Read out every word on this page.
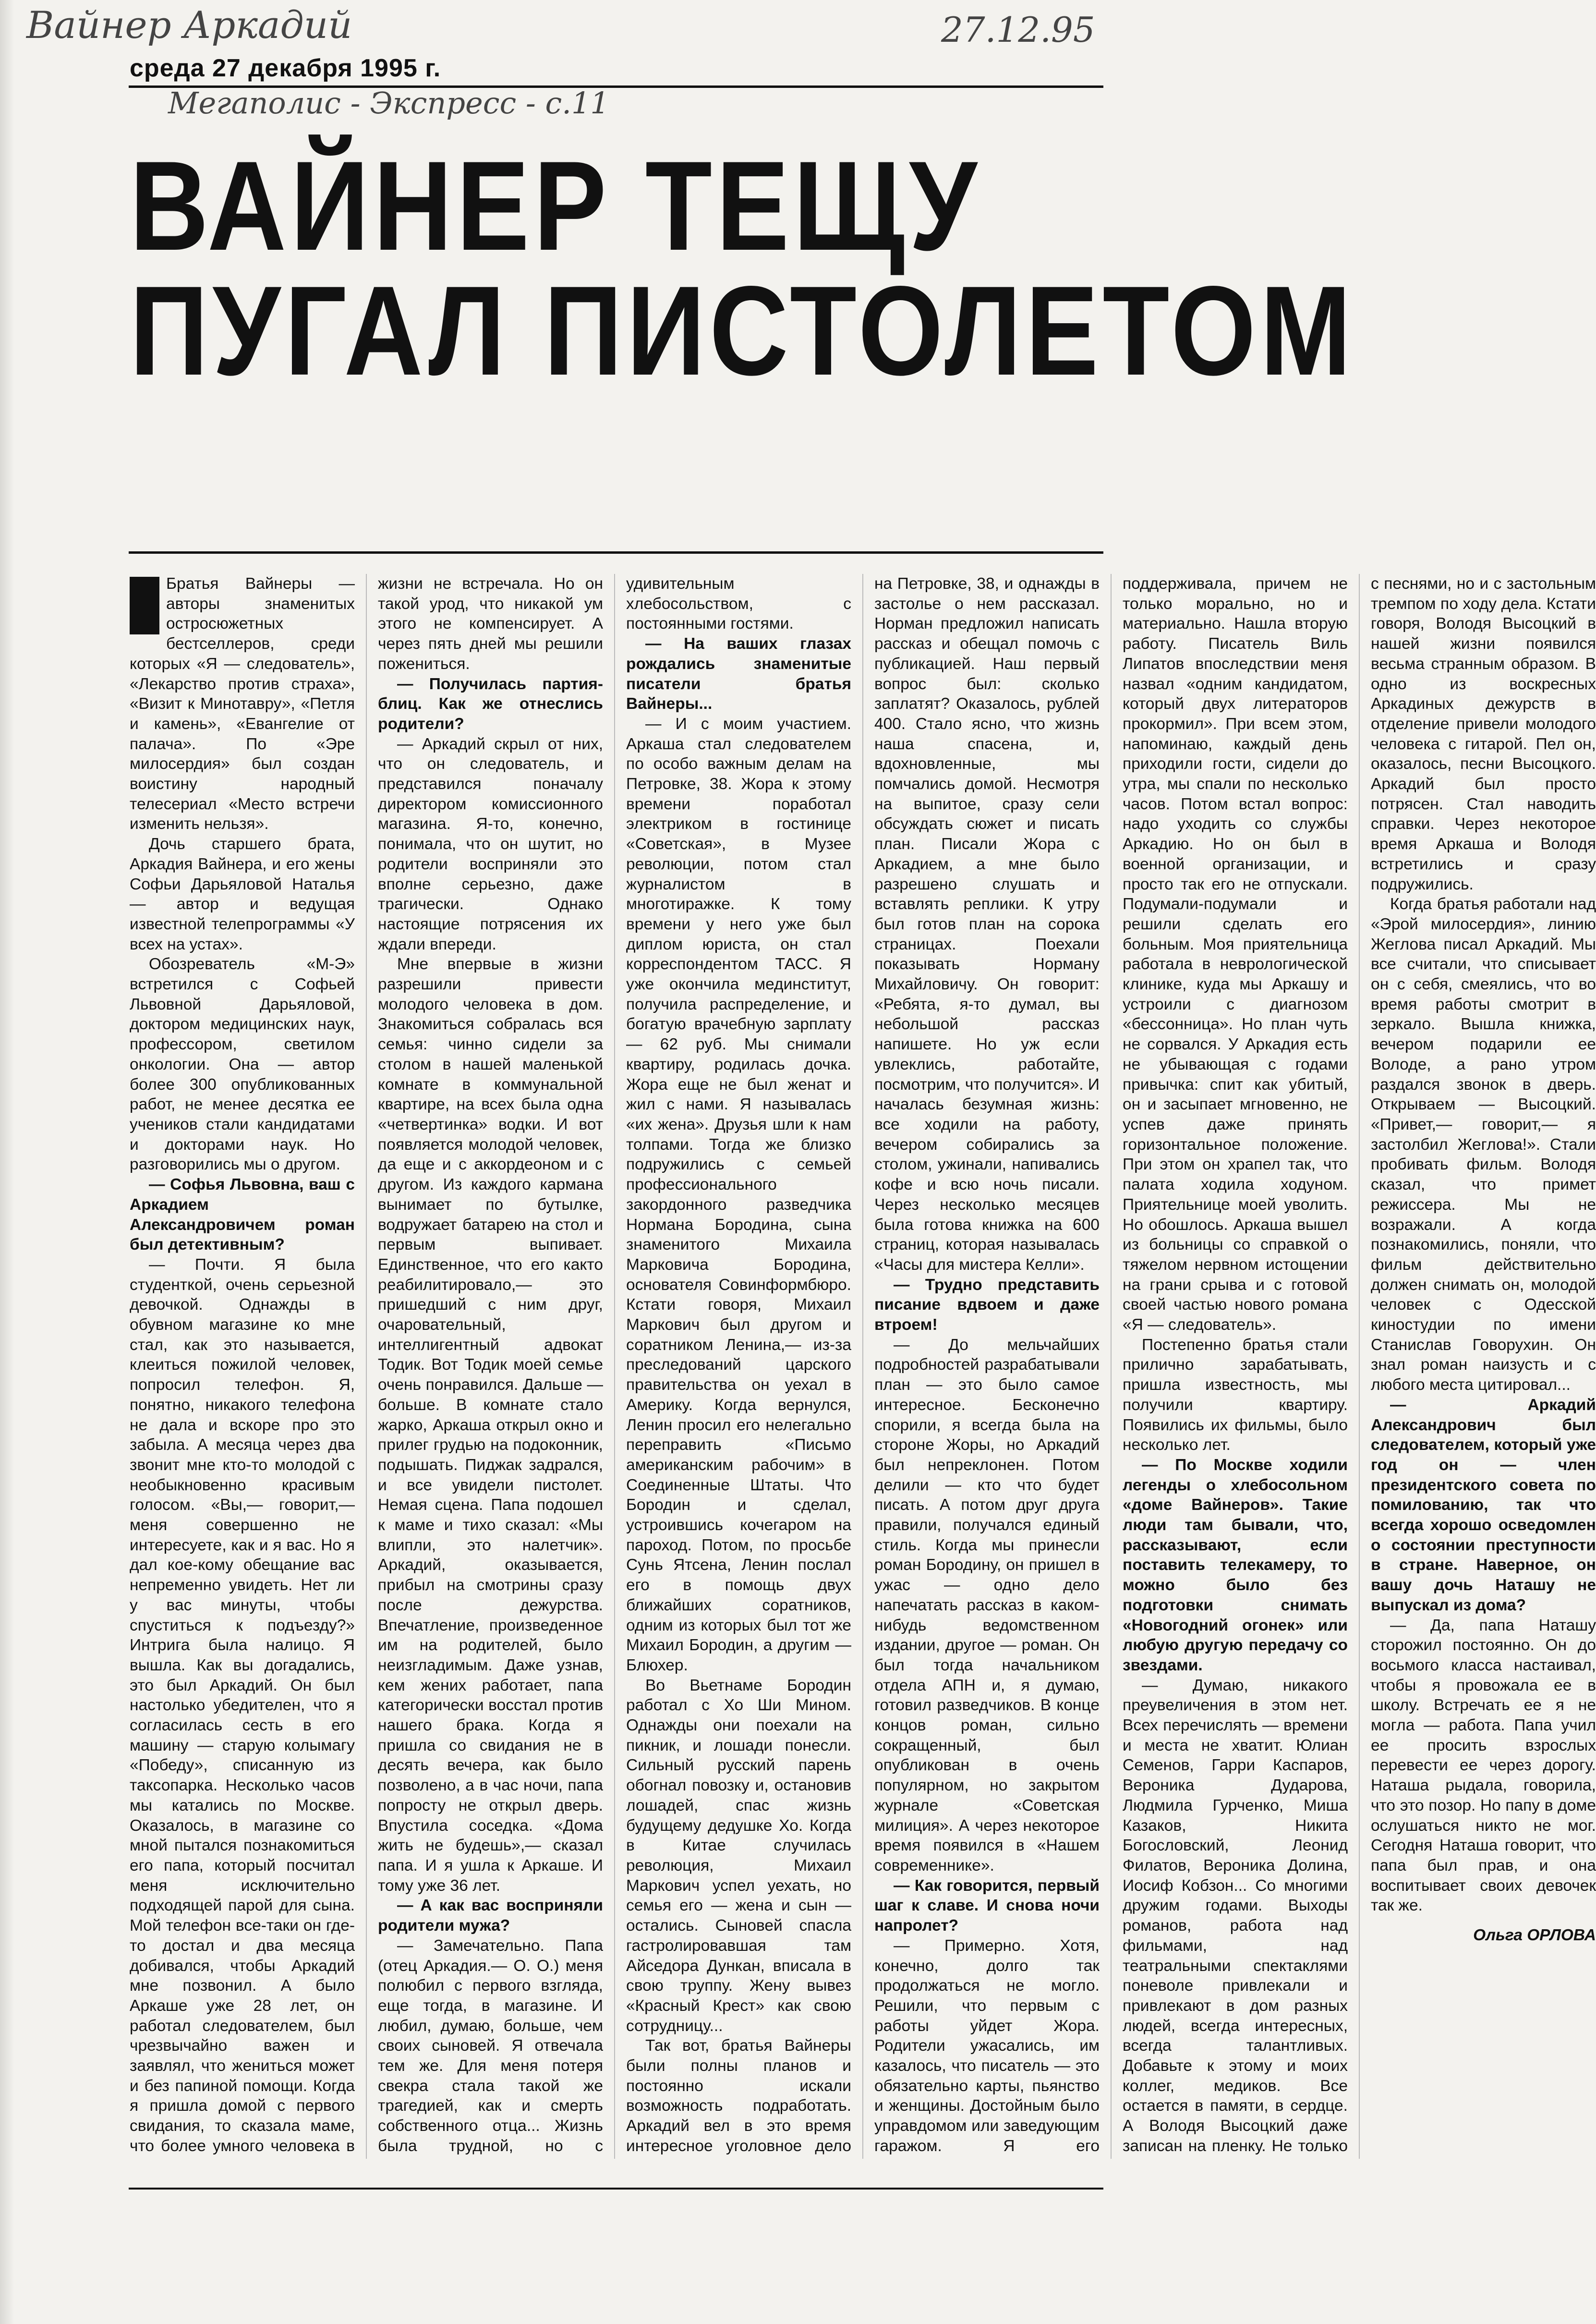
Вайнер Аркадий	27.12.95
среда 27 декабря 1995 г.
Мегаполис - Экспресс - с.11
ВАЙНЕР ТЕЩУ
ПУГАЛ ПИСТОЛЕТОМ

Братья Вайнеры — авторы знаменитых остросюжетных бестселлеров, среди которых «Я — следователь», «Лекарство против страха», «Визит к Минотавру», «Петля и камень», «Евангелие от палача». По «Эре милосердия» был создан воистину народный телесериал «Место встречи изменить нельзя».

Дочь старшего брата, Аркадия Вайнера, и его жены Софьи Дарьяловой Наталья — автор и ведущая известной телепрограммы «У всех на устах».

Обозреватель «М-Э» встретился с Софьей Львовной Дарьяловой, доктором медицинских наук, профессором, светилом онкологии. Она — автор более 300 опубликованных работ, не менее десятка ее учеников стали кандидатами и докторами наук. Но разговорились мы о другом.

— Софья Львовна, ваш с Аркадием Александровичем роман был детективным?

— Почти. Я была студенткой, очень серьезной девочкой. Однажды в обувном магазине ко мне стал, как это называется, клеиться пожилой человек, попросил телефон. Я, понятно, никакого телефона не дала и вскоре про это забыла. А месяца через два звонит мне кто-то молодой с необыкновенно красивым голосом. «Вы,— говорит,— меня совершенно не интересуете, как и я вас. Но я дал кое-кому обещание вас непременно увидеть. Нет ли у вас минуты, чтобы спуститься к подъезду?» Интрига была налицо. Я вышла. Как вы догадались, это был Аркадий. Он был настолько убедителен, что я согласилась сесть в его машину — старую колымагу «Победу», списанную из таксопарка. Несколько часов мы катались по Москве. Оказалось, в магазине со мной пытался познакомиться его папа, который посчитал меня исключительно подходящей парой для сына. Мой телефон все-таки он где-то достал и два месяца добивался, чтобы Аркадий мне позвонил. А было Аркаше уже 28 лет, он работал следователем, был чрезвычайно важен и заявлял, что жениться может и без папиной помощи. Когда я пришла домой с первого свидания, то сказала маме, что более умного человека в жизни не встречала. Но он такой урод, что никакой ум этого не компенсирует. А через пять дней мы решили пожениться.

— Получилась партия-блиц. Как же отнеслись родители?

— Аркадий скрыл от них, что он следователь, и представился поначалу директором комиссионного магазина. Я-то, конечно, понимала, что он шутит, но родители восприняли это вполне серьезно, даже трагически. Однако настоящие потрясения их ждали впереди.

Мне впервые в жизни разрешили привести молодого человека в дом. Знакомиться собралась вся семья: чинно сидели за столом в нашей маленькой комнате в коммунальной квартире, на всех была одна «четвертинка» водки. И вот появляется молодой человек, да еще и с аккордеоном и с другом. Из каждого кармана вынимает по бутылке, водружает батарею на стол и первым выпивает. Единственное, что его както реабилитировало,— это пришедший с ним друг, очаровательный, интеллигентный адвокат Тодик. Вот Тодик моей семье очень понравился. Дальше — больше. В комнате стало жарко, Аркаша открыл окно и прилег грудью на подоконник, подышать. Пиджак задрался, и все увидели пистолет. Немая сцена. Папа подошел к маме и тихо сказал: «Мы влипли, это налетчик». Аркадий, оказывается, прибыл на смотрины сразу после дежурства. Впечатление, произведенное им на родителей, было неизгладимым. Даже узнав, кем жених работает, папа категорически восстал против нашего брака. Когда я пришла со свидания не в десять вечера, как было позволено, а в час ночи, папа попросту не открыл дверь. Впустила соседка. «Дома жить не будешь»,— сказал папа. И я ушла к Аркаше. И тому уже 36 лет.

— А как вас восприняли родители мужа?

— Замечательно. Папа (отец Аркадия.— О. О.) меня полюбил с первого взгляда, еще тогда, в магазине. И любил, думаю, больше, чем своих сыновей. Я отвечала тем же. Для меня потеря свекра стала такой же трагедией, как и смерть собственного отца... Жизнь была трудной, но с удивительным хлебосольством, с постоянными гостями.

— На ваших глазах рождались знаменитые писатели братья Вайнеры...

— И с моим участием. Аркаша стал следователем по особо важным делам на Петровке, 38. Жора к этому времени поработал электриком в гостинице «Советская», в Музее революции, потом стал журналистом в многотиражке. К тому времени у него уже был диплом юриста, он стал корреспондентом ТАСС. Я уже окончила мединститут, получила распределение, и богатую врачебную зарплату — 62 руб. Мы снимали квартиру, родилась дочка. Жора еще не был женат и жил с нами. Я называлась «их жена». Друзья шли к нам толпами. Тогда же близко подружились с семьей профессионального закордонного разведчика Нормана Бородина, сына знаменитого Михаила Марковича Бородина, основателя Совинформбюро. Кстати говоря, Михаил Маркович был другом и соратником Ленина,— из-за преследований царского правительства он уехал в Америку. Когда вернулся, Ленин просил его нелегально переправить «Письмо американским рабочим» в Соединенные Штаты. Что Бородин и сделал, устроившись кочегаром на пароход. Потом, по просьбе Сунь Ятсена, Ленин послал его в помощь двух ближайших соратников, одним из которых был тот же Михаил Бородин, а другим — Блюхер.

Во Вьетнаме Бородин работал с Хо Ши Мином. Однажды они поехали на пикник, и лошади понесли. Сильный русский парень обогнал повозку и, остановив лошадей, спас жизнь будущему дедушке Хо. Когда в Китае случилась революция, Михаил Маркович успел уехать, но семья его — жена и сын — остались. Сыновей спасла гастролировавшая там Айседора Дункан, вписала в свою труппу. Жену вывез «Красный Крест» как свою сотрудницу...

Так вот, братья Вайнеры были полны планов и постоянно искали возможность подработать. Аркадий вел в это время интересное уголовное дело на Петровке, 38, и однажды в застолье о нем рассказал. Норман предложил написать рассказ и обещал помочь с публикацией. Наш первый вопрос был: сколько заплатят? Оказалось, рублей 400. Стало ясно, что жизнь наша спасена, и, вдохновленные, мы помчались домой. Несмотря на выпитое, сразу сели обсуждать сюжет и писать план. Писали Жора с Аркадием, а мне было разрешено слушать и вставлять реплики. К утру был готов план на сорока страницах. Поехали показывать Норману Михайловичу. Он говорит: «Ребята, я-то думал, вы небольшой рассказ напишете. Но уж если увлеклись, работайте, посмотрим, что получится». И началась безумная жизнь: все ходили на работу, вечером собирались за столом, ужинали, напивались кофе и всю ночь писали. Через несколько месяцев была готова книжка на 600 страниц, которая называлась «Часы для мистера Келли».

— Трудно представить писание вдвоем и даже втроем!

— До мельчайших подробностей разрабатывали план — это было самое интересное. Бесконечно спорили, я всегда была на стороне Жоры, но Аркадий был непреклонен. Потом делили — кто что будет писать. А потом друг друга правили, получался единый стиль. Когда мы принесли роман Бородину, он пришел в ужас — одно дело напечатать рассказ в каком-нибудь ведомственном издании, другое — роман. Он был тогда начальником отдела АПН и, я думаю, готовил разведчиков. В конце концов роман, сильно сокращенный, был опубликован в очень популярном, но закрытом журнале «Советская милиция». А через некоторое время появился в «Нашем современнике».

— Как говорится, первый шаг к славе. И снова ночи напролет?

— Примерно. Хотя, конечно, долго так продолжаться не могло. Решили, что первым с работы уйдет Жора. Родители ужасались, им казалось, что писатель — это обязательно карты, пьянство и женщины. Достойным было управдомом или заведующим гаражом. Я его поддерживала, причем не только морально, но и материально. Нашла вторую работу. Писатель Виль Липатов впоследствии меня назвал «одним кандидатом, который двух литераторов прокормил». При всем этом, напоминаю, каждый день приходили гости, сидели до утра, мы спали по несколько часов. Потом встал вопрос: надо уходить со службы Аркадию. Но он был в военной организации, и просто так его не отпускали. Подумали-подумали и решили сделать его больным. Моя приятельница работала в неврологической клинике, куда мы Аркашу и устроили с диагнозом «бессонница». Но план чуть не сорвался. У Аркадия есть не убывающая с годами привычка: спит как убитый, он и засыпает мгновенно, не успев даже принять горизонтальное положение. При этом он храпел так, что палата ходила ходуном. Приятельнице моей уволить. Но обошлось. Аркаша вышел из больницы со справкой о тяжелом нервном истощении на грани срыва и с готовой своей частью нового романа «Я — следователь».

Постепенно братья стали прилично зарабатывать, пришла известность, мы получили квартиру. Появились их фильмы, было несколько лет.

— По Москве ходили легенды о хлебосольном «доме Вайнеров». Такие люди там бывали, что, рассказывают, если поставить телекамеру, то можно было без подготовки снимать «Новогодний огонек» или любую другую передачу со звездами.

— Думаю, никакого преувеличения в этом нет. Всех перечислять — времени и места не хватит. Юлиан Семенов, Гарри Каспаров, Вероника Дударова, Людмила Гурченко, Миша Казаков, Никита Богословский, Леонид Филатов, Вероника Долина, Иосиф Кобзон... Со многими дружим годами. Выходы романов, работа над фильмами, над театральными спектаклями поневоле привлекали и привлекают в дом разных людей, всегда интересных, всегда талантливых. Добавьте к этому и моих коллег, медиков. Все остается в памяти, в сердце. А Володя Высоцкий даже записан на пленку. Не только с песнями, но и с застольным тремпом по ходу дела. Кстати говоря, Володя Высоцкий в нашей жизни появился весьма странным образом. В одно из воскресных Аркадиных дежурств в отделение привели молодого человека с гитарой. Пел он, оказалось, песни Высоцкого. Аркадий был просто потрясен. Стал наводить справки. Через некоторое время Аркаша и Володя встретились и сразу подружились.

Когда братья работали над «Эрой милосердия», линию Жеглова писал Аркадий. Мы все считали, что списывает он с себя, смеялись, что во время работы смотрит в зеркало. Вышла книжка, вечером подарили ее Володе, а рано утром раздался звонок в дверь. Открываем — Высоцкий. «Привет,— говорит,— я застолбил Жеглова!». Стали пробивать фильм. Володя сказал, что примет режиссера. Мы не возражали. А когда познакомились, поняли, что фильм действительно должен снимать он, молодой человек с Одесской киностудии по имени Станислав Говорухин. Он знал роман наизусть и с любого места цитировал...

— Аркадий Александрович был следователем, который уже год он — член президентского совета по помилованию, так что всегда хорошо осведомлен о состоянии преступности в стране. Наверное, он вашу дочь Наташу не выпускал из дома?

— Да, папа Наташу сторожил постоянно. Он до восьмого класса настаивал, чтобы я провожала ее в школу. Встречать ее я не могла — работа. Папа учил ее просить взрослых перевести ее через дорогу. Наташа рыдала, говорила, что это позор. Но папу в доме ослушаться никто не мог. Сегодня Наташа говорит, что папа был прав, и она воспитывает своих девочек так же.

Ольга ОРЛОВА
